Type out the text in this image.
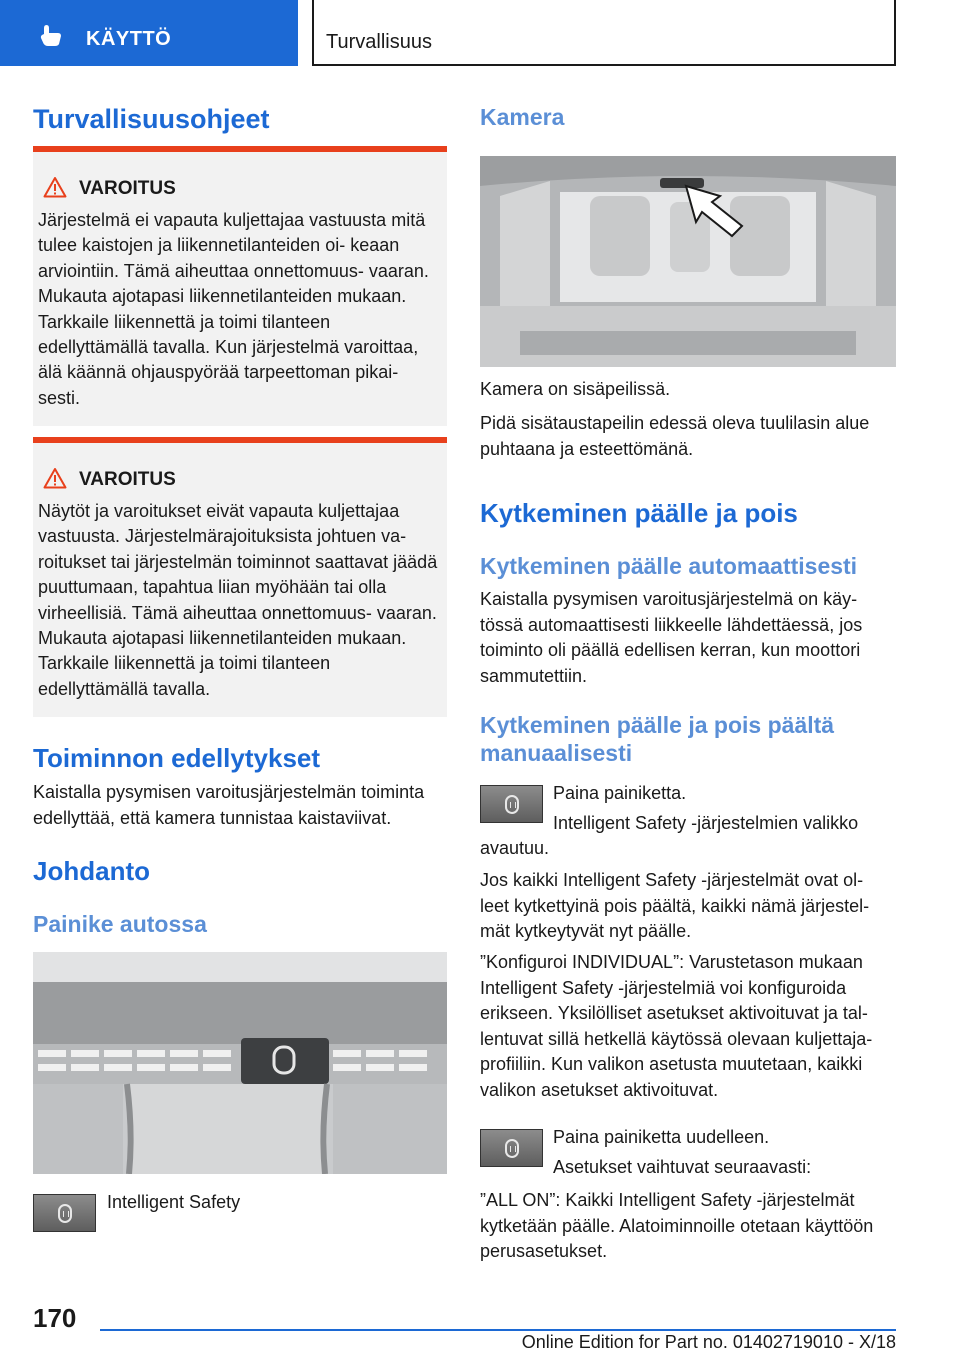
KÄYTTÖ	Turvallisuus
Turvallisuusohjeet
VAROITUS

Järjestelmä ei vapauta kuljettajaa vastuusta mitä tulee kaistojen ja liikennetilanteiden oi- keaan arviointiin. Tämä aiheuttaa onnettomuus- vaaran. Mukauta ajotapasi liikennetilanteiden mukaan. Tarkkaile liikennettä ja toimi tilanteen edellyttämällä tavalla. Kun järjestelmä varoittaa, älä käännä ohjauspyörää tarpeettoman pikai- sesti.

VAROITUS

Näytöt ja varoitukset eivät vapauta kuljettajaa vastuusta. Järjestelmärajoituksista johtuen va- roitukset tai järjestelmän toiminnot saattavat jäädä puuttumaan, tapahtua liian myöhään tai olla virheellisiä. Tämä aiheuttaa onnettomuus- vaaran. Mukauta ajotapasi liikennetilanteiden mukaan. Tarkkaile liikennettä ja toimi tilanteen edellyttämällä tavalla.

Toiminnon edellytykset

Kaistalla pysymisen varoitusjärjestelmän toiminta edellyttää, että kamera tunnistaa kaistaviivat.

Johdanto
Painike autossa

Intelligent Safety

Kamera

Kamera on sisäpeilissä.

Pidä sisätaustapeilin edessä oleva tuulilasin alue puhtaana ja esteettömänä.

Kytkeminen päälle ja pois
Kytkeminen päälle automaattisesti

Kaistalla pysymisen varoitusjärjestelmä on käy- tössä automaattisesti liikkeelle lähdettäessä, jos toiminto oli päällä edellisen kerran, kun moottori sammutettiin.

Kytkeminen päälle ja pois päältä
manuaalisesti

Paina painiketta.

Intelligent Safety -järjestelmien valikko

avautuu.

Jos kaikki Intelligent Safety -järjestelmät ovat ol- leet kytkettyinä pois päältä, kaikki nämä järjestel- mät kytkeytyvät nyt päälle.

”Konfiguroi INDIVIDUAL”: Varustetason mukaan Intelligent Safety -järjestelmiä voi konfiguroida erikseen. Yksilölliset asetukset aktivoituvat ja tal- lentuvat sillä hetkellä käytössä olevaan kuljettaja- profiiliin. Kun valikon asetusta muutetaan, kaikki valikon asetukset aktivoituvat.

Paina painiketta uudelleen.

Asetukset vaihtuvat seuraavasti:

”ALL ON”: Kaikki Intelligent Safety -järjestelmät kytketään päälle. Alatoiminnoille otetaan käyttöön perusasetukset.

170
Online Edition for Part no. 01402719010 - X/18
